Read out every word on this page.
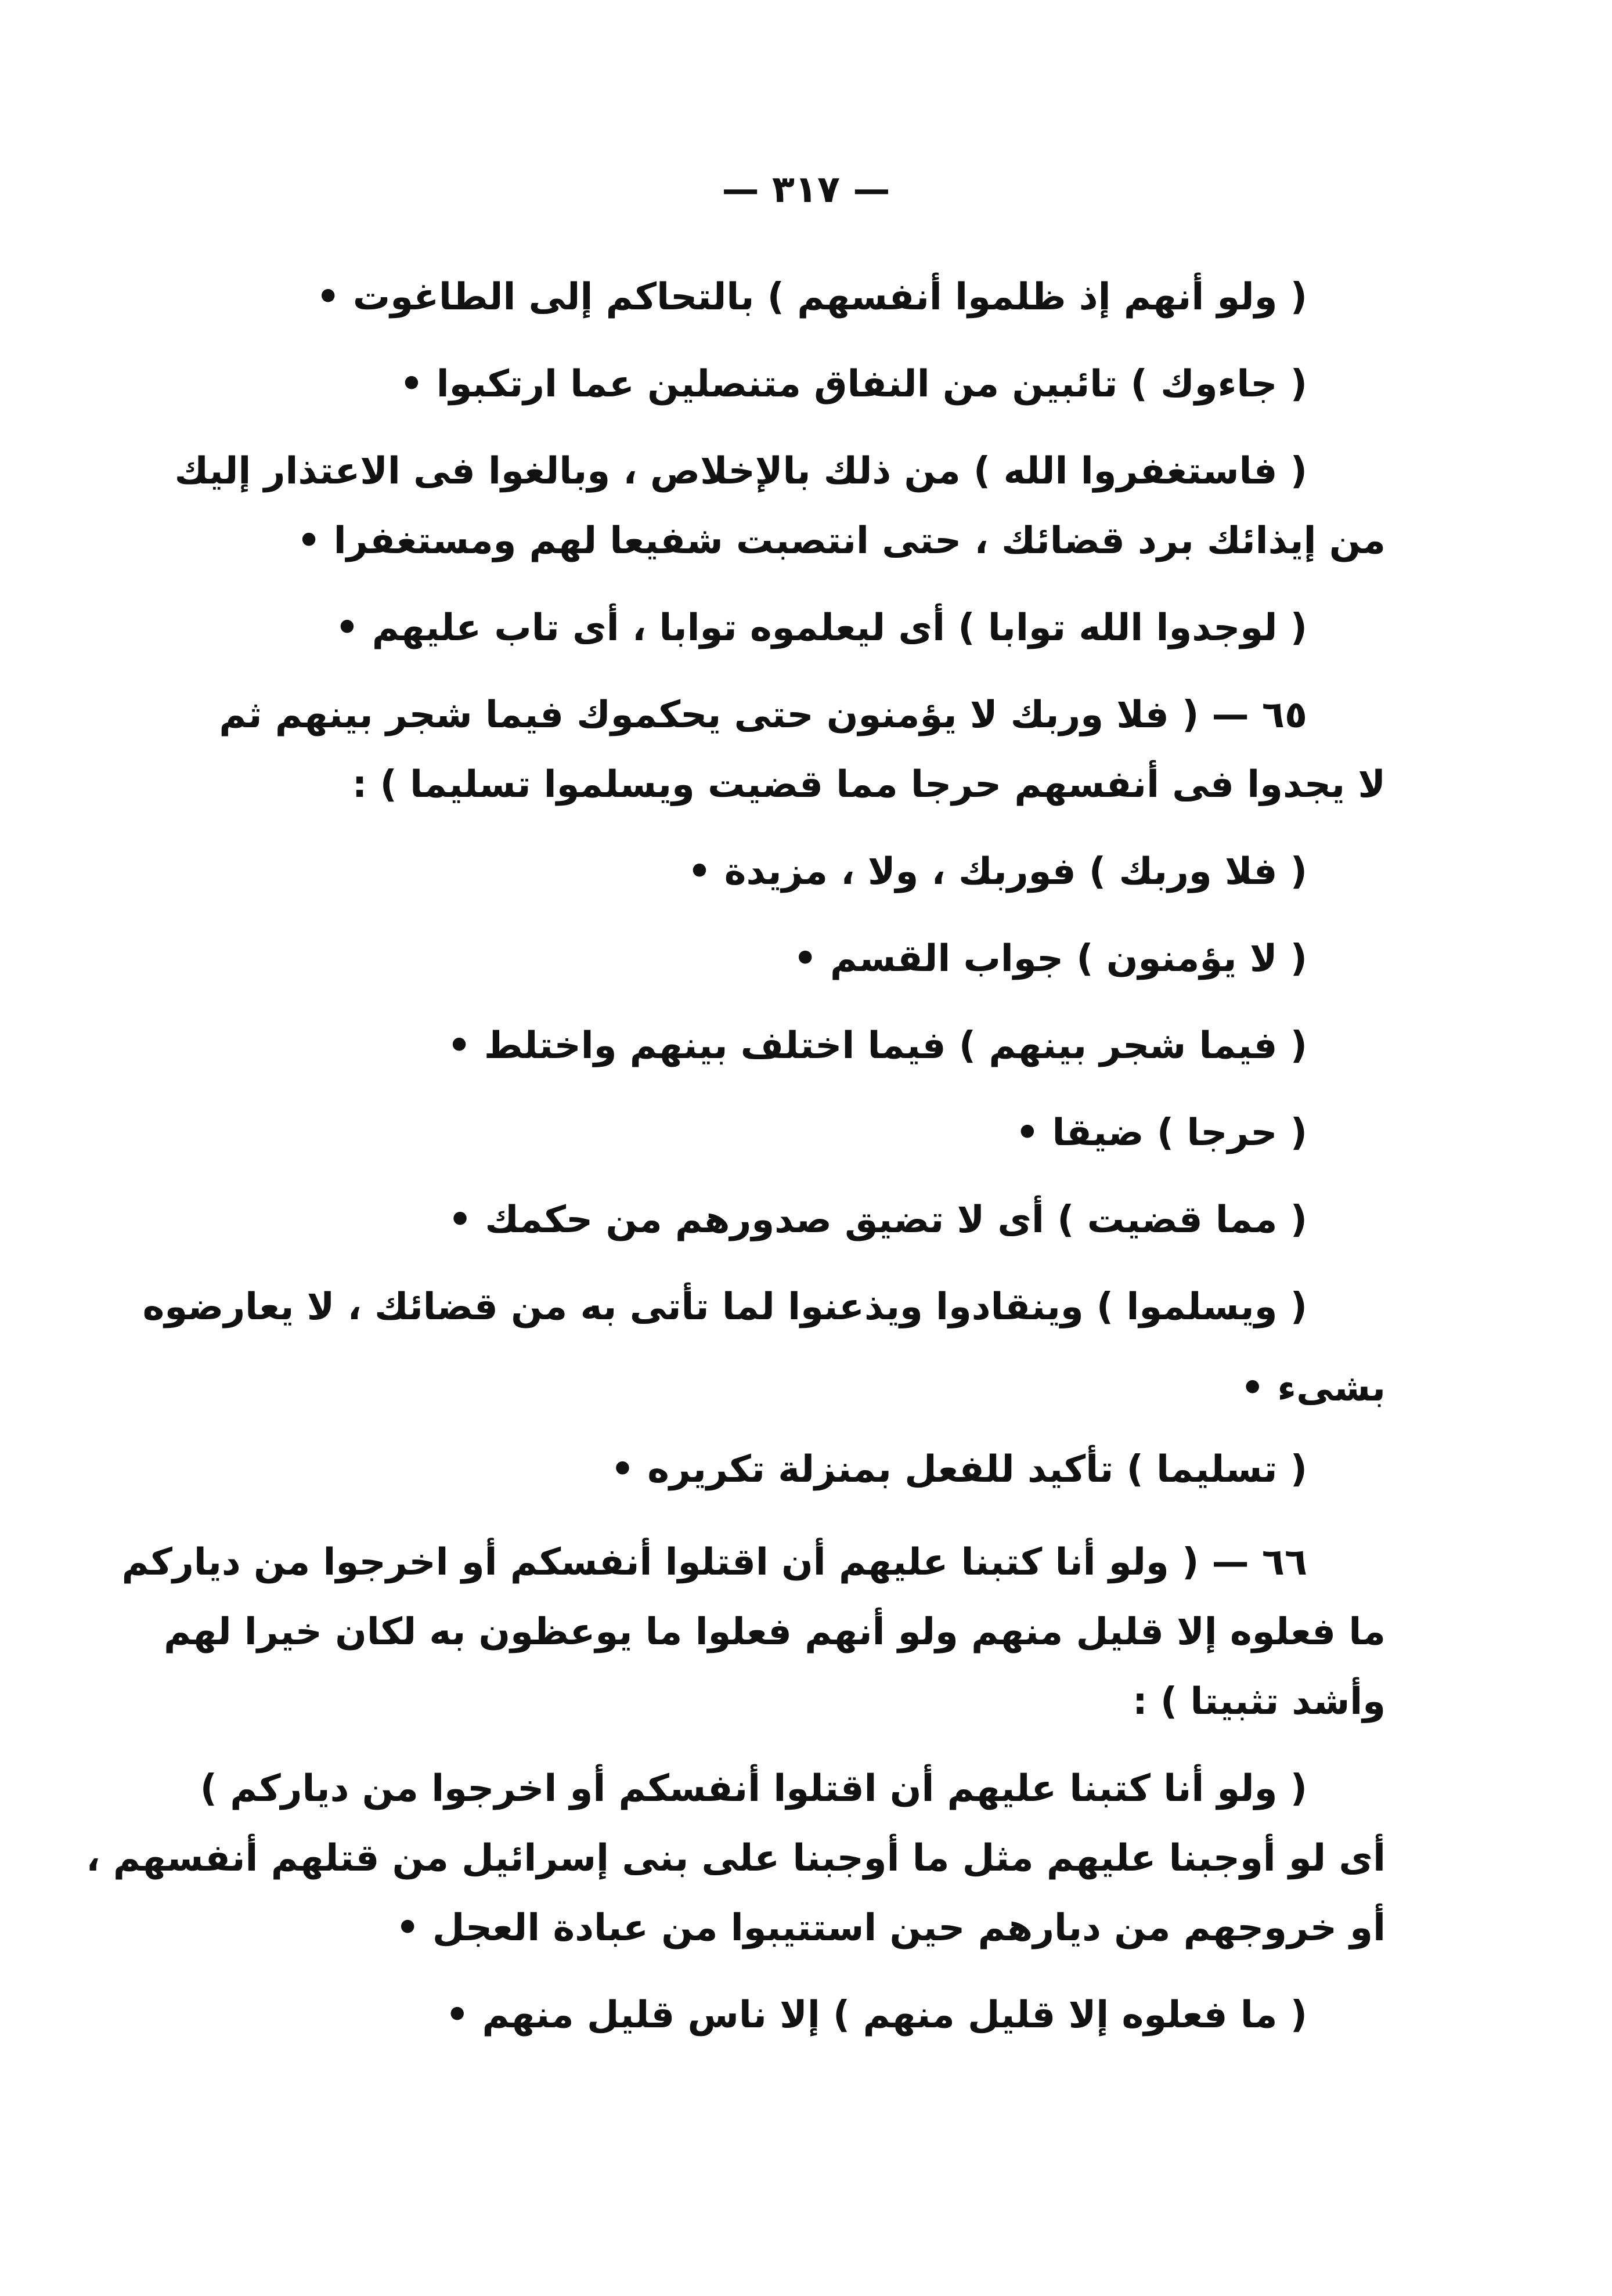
— ٣١٧ —
( ولو أنهم إذ ظلموا أنفسهم ) بالتحاكم إلى الطاغوت •
( جاءوك ) تائبين من النفاق متنصلين عما ارتكبوا •
( فاستغفروا الله ) من ذلك بالإخلاص ، وبالغوا فى الاعتذار إليك
من إيذائك برد قضائك ، حتى انتصبت شفيعا لهم ومستغفرا •
( لوجدوا الله توابا ) أى ليعلموه توابا ، أى تاب عليهم •
٦٥ — ( فلا وربك لا يؤمنون حتى يحكموك فيما شجر بينهم ثم
لا يجدوا فى أنفسهم حرجا مما قضيت ويسلموا تسليما ) :
( فلا وربك ) فوربك ، ولا ، مزيدة •
( لا يؤمنون ) جواب القسم •
( فيما شجر بينهم ) فيما اختلف بينهم واختلط •
( حرجا ) ضيقا •
( مما قضيت ) أى لا تضيق صدورهم من حكمك •
( ويسلموا ) وينقادوا ويذعنوا لما تأتى به من قضائك ، لا يعارضوه
بشىء •
( تسليما ) تأكيد للفعل بمنزلة تكريره •
٦٦ — ( ولو أنا كتبنا عليهم أن اقتلوا أنفسكم أو اخرجوا من دياركم
ما فعلوه إلا قليل منهم ولو أنهم فعلوا ما يوعظون به لكان خيرا لهم
وأشد تثبيتا ) :
( ولو أنا كتبنا عليهم أن اقتلوا أنفسكم أو اخرجوا من دياركم )
أى لو أوجبنا عليهم مثل ما أوجبنا على بنى إسرائيل من قتلهم أنفسهم ،
أو خروجهم من ديارهم حين استتيبوا من عبادة العجل •
( ما فعلوه إلا قليل منهم ) إلا ناس قليل منهم •
